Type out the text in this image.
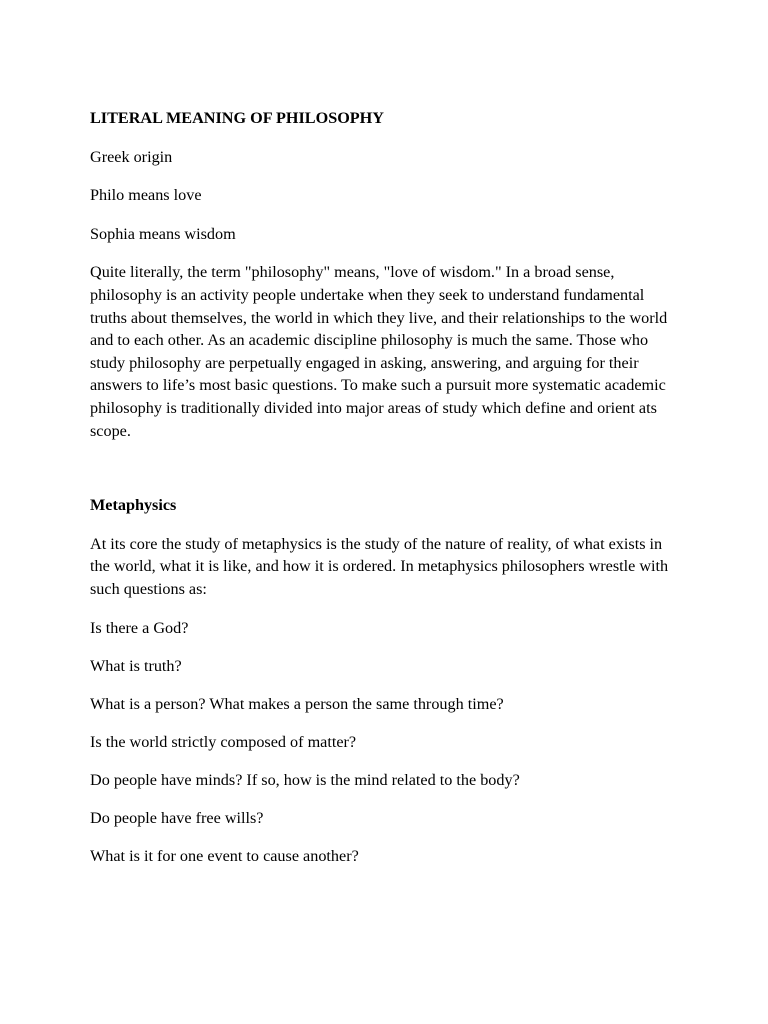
LITERAL MEANING OF PHILOSOPHY

Greek origin

Philo means love

Sophia means wisdom

Quite literally, the term "philosophy" means, "love of wisdom." In a broad sense, philosophy is an activity people undertake when they seek to understand fundamental truths about themselves, the world in which they live, and their relationships to the world and to each other. As an academic discipline philosophy is much the same. Those who study philosophy are perpetually engaged in asking, answering, and arguing for their answers to life’s most basic questions. To make such a pursuit more systematic academic philosophy is traditionally divided into major areas of study which define and orient ats scope.

Metaphysics

At its core the study of metaphysics is the study of the nature of reality, of what exists in the world, what it is like, and how it is ordered. In metaphysics philosophers wrestle with such questions as:

Is there a God?

What is truth?

What is a person? What makes a person the same through time?

Is the world strictly composed of matter?

Do people have minds? If so, how is the mind related to the body?

Do people have free wills?

What is it for one event to cause another?
